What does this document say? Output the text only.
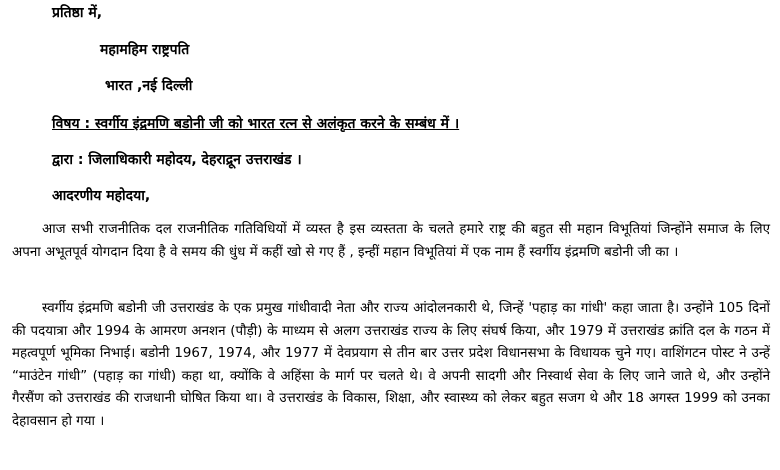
प्रतिष्ठा में,
महामहिम राष्ट्रपति
भारत ,नई दिल्ली
विषय : स्वर्गीय इंद्रमणि बडोनी जी को भारत रत्न से अलंकृत करने के सम्बंध में ।
द्वारा : जिलाधिकारी महोदय, देहराद्रून उत्तराखंड ।
आदरणीय महोदया,
आज सभी राजनीतिक दल राजनीतिक गतिविधियों में व्यस्त है इस व्यस्तता के चलते हमारे राष्ट्र की बहुत सी महान विभूतियां जिन्होंने समाज के लिए अपना अभूतपूर्व योगदान दिया है वे समय की धुंध में कहीं खो से गए हैं , इन्हीं महान विभूतियां में एक नाम हैं स्वर्गीय इंद्रमणि बडोनी जी का ।
स्वर्गीय इंद्रमणि बडोनी जी उत्तराखंड के एक प्रमुख गांधीवादी नेता और राज्य आंदोलनकारी थे, जिन्हें 'पहाड़ का गांधी' कहा जाता है। उन्होंने 105 दिनों की पदयात्रा और 1994 के आमरण अनशन (पौड़ी) के माध्यम से अलग उत्तराखंड राज्य के लिए संघर्ष किया, और 1979 में उत्तराखंड क्रांति दल के गठन में महत्वपूर्ण भूमिका निभाई। बडोनी 1967, 1974, और 1977 में देवप्रयाग से तीन बार उत्तर प्रदेश विधानसभा के विधायक चुने गए। वाशिंगटन पोस्ट ने उन्हें “माउंटेन गांधी” (पहाड़ का गांधी) कहा था, क्योंकि वे अहिंसा के मार्ग पर चलते थे। वे अपनी सादगी और निस्वार्थ सेवा के लिए जाने जाते थे, और उन्होंने गैरसैंण को उत्तराखंड की राजधानी घोषित किया था। वे उत्तराखंड के विकास, शिक्षा, और स्वास्थ्य को लेकर बहुत सजग थे और 18 अगस्त 1999 को उनका देहावसान हो गया ।
